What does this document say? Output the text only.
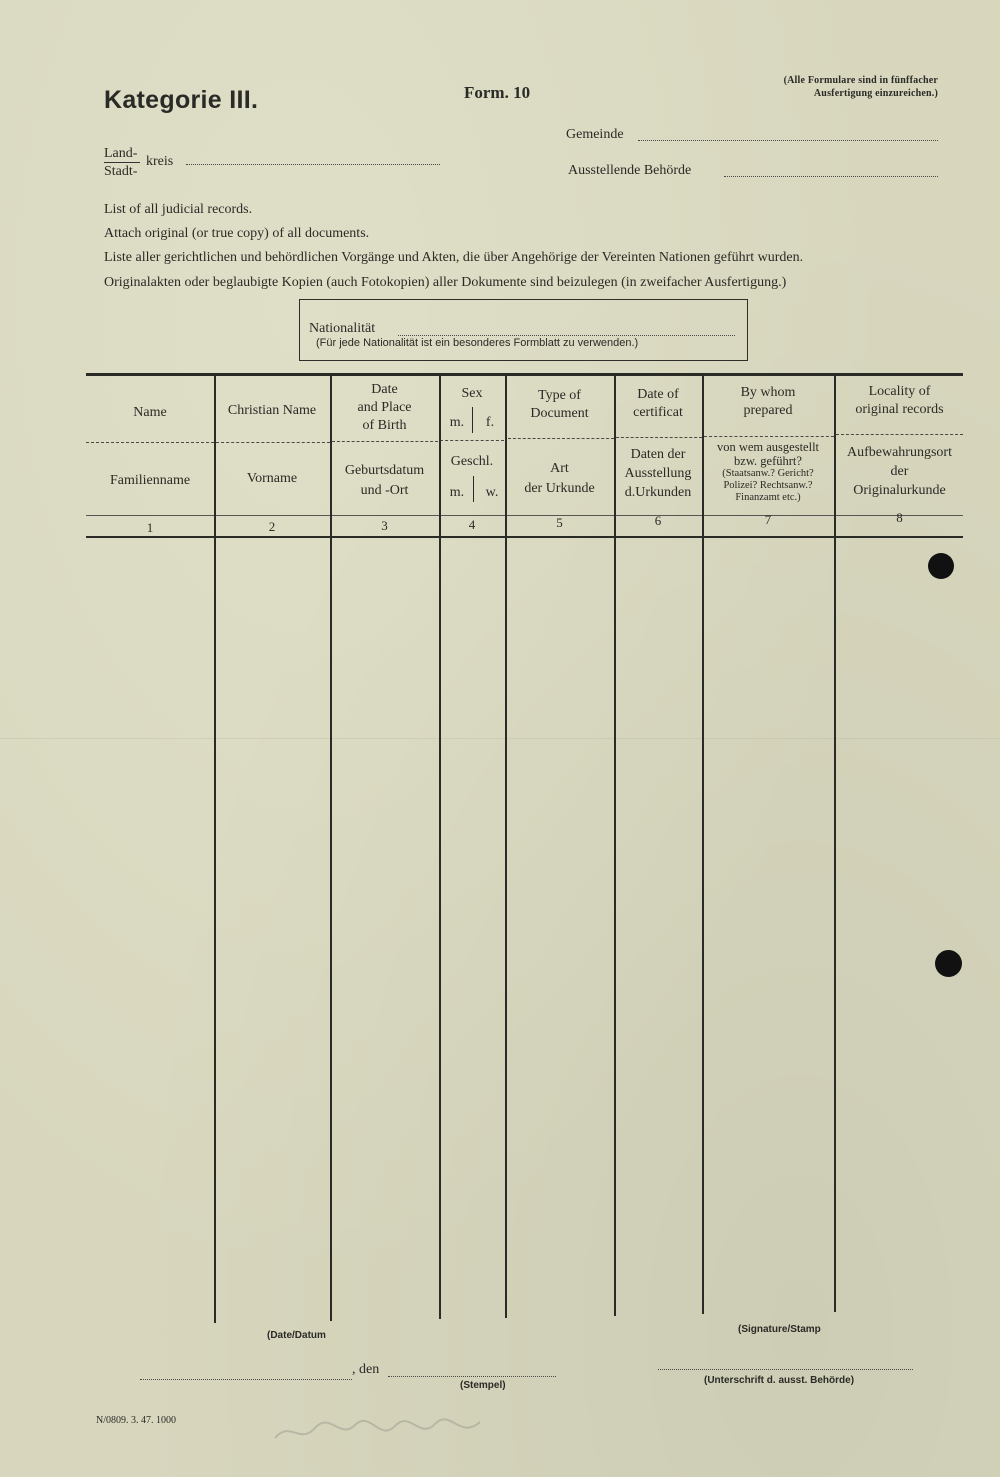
Kategorie III.	Form. 10
(Alle Formulare sind in fünffacher
Ausfertigung einzureichen.)
Land-
Stadt-
kreis
Gemeinde
Ausstellende Behörde
List of all judicial records.
Attach original (or true copy) of all documents.
Liste aller gerichtlichen und behördlichen Vorgänge und Akten, die über Angehörige der Vereinten Nationen geführt wurden.
Originalakten oder beglaubigte Kopien (auch Fotokopien) aller Dokumente sind beizulegen (in zweifacher Ausfertigung.)
Nationalität
(Für jede Nationalität ist ein besonderes Formblatt zu verwenden.)
Name
Familienname
1
Christian Name
Vorname
2
Date
and Place
of Birth
Geburtsdatum
und -Ort
3
Sex
m.	f.
Geschl.
m.	w.
4
Type of
Document
Art
der Urkunde
5
Date of
certificat
Daten der
Ausstellung
d.Urkunden
6
By whom
prepared
von wem ausgestellt
bzw. geführt?
(Staatsanw.? Gericht?
Polizei? Rechtsanw.?
Finanzamt etc.)
7
Locality of
original records
Aufbewahrungsort
der
Originalurkunde
8
(Date/Datum
(Signature/Stamp
, den
(Stempel)	(Unterschrift d. ausst. Behörde)
N/0809. 3. 47. 1000
